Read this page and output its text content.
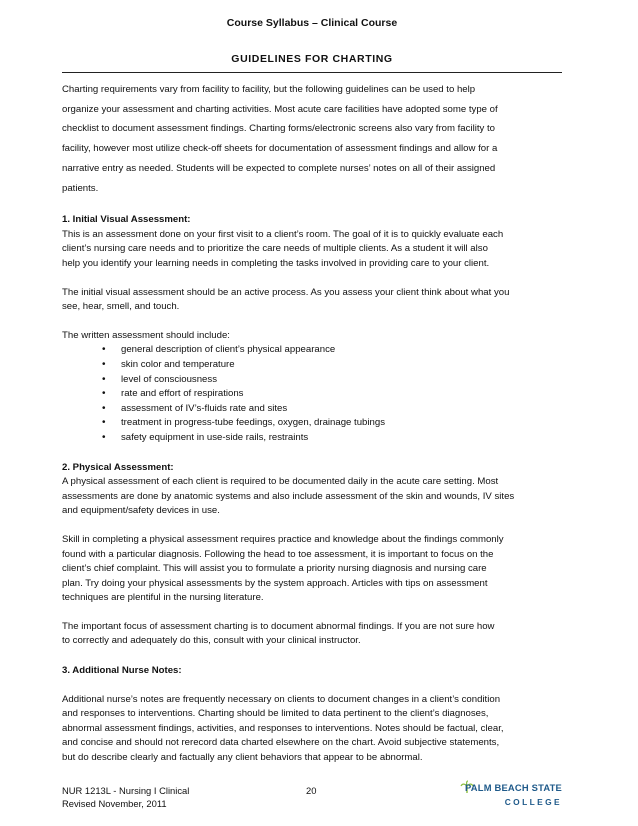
Course Syllabus – Clinical Course
GUIDELINES FOR CHARTING

Charting requirements vary from facility to facility, but the following guidelines can be used to help

organize your assessment and charting activities. Most acute care facilities have adopted some type of

checklist to document assessment findings. Charting forms/electronic screens also vary from facility to

facility, however most utilize check-off sheets for documentation of assessment findings and allow for a

narrative entry as needed. Students will be expected to complete nurses’ notes on all of their assigned

patients.

1. Initial Visual Assessment:

This is an assessment done on your first visit to a client’s room. The goal of it is to quickly evaluate each

client’s nursing care needs and to prioritize the care needs of multiple clients. As a student it will also

help you identify your learning needs in completing the tasks involved in providing care to your client.

The initial visual assessment should be an active process. As you assess your client think about what you

see, hear, smell, and touch.

The written assessment should include:

• general description of client’s physical appearance
• skin color and temperature
• level of consciousness
• rate and effort of respirations
• assessment of IV’s-fluids rate and sites
• treatment in progress-tube feedings, oxygen, drainage tubings
• safety equipment in use-side rails, restraints

2. Physical Assessment:

A physical assessment of each client is required to be documented daily in the acute care setting. Most

assessments are done by anatomic systems and also include assessment of the skin and wounds, IV sites

and equipment/safety devices in use.

Skill in completing a physical assessment requires practice and knowledge about the findings commonly

found with a particular diagnosis. Following the head to toe assessment, it is important to focus on the

client’s chief complaint. This will assist you to formulate a priority nursing diagnosis and nursing care

plan. Try doing your physical assessments by the system approach. Articles with tips on assessment

techniques are plentiful in the nursing literature.

The important focus of assessment charting is to document abnormal findings. If you are not sure how

to correctly and adequately do this, consult with your clinical instructor.

3. Additional Nurse Notes:

Additional nurse’s notes are frequently necessary on clients to document changes in a client’s condition

and responses to interventions. Charting should be limited to data pertinent to the client’s diagnoses,

abnormal assessment findings, activities, and responses to interventions. Notes should be factual, clear,

and concise and should not rerecord data charted elsewhere on the chart. Avoid subjective statements,

but do describe clearly and factually any client behaviors that appear to be abnormal.

NUR 1213L - Nursing I Clinical
Revised November, 2011
20	PALM BEACH STATE
COLLEGE
